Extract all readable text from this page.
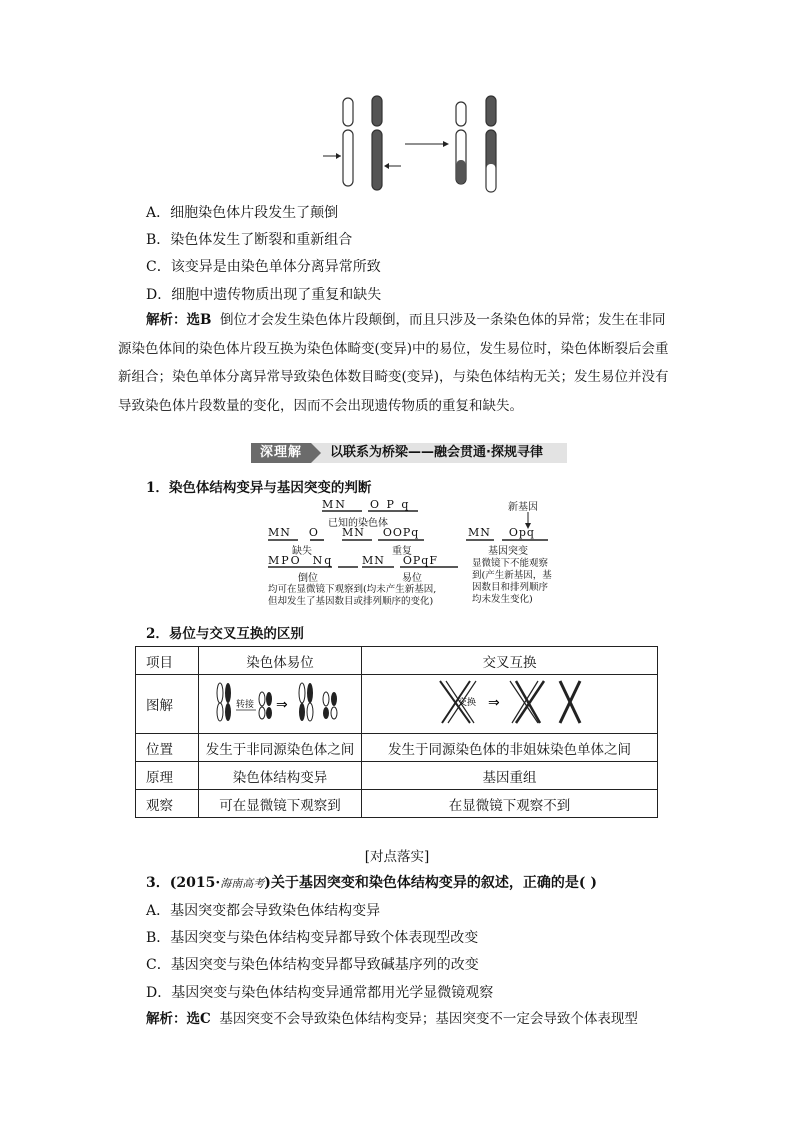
A．细胞染色体片段发生了颠倒
B．染色体发生了断裂和重新组合
C．该变异是由染色单体分离异常所致
D．细胞中遗传物质出现了重复和缺失
解析：选B 倒位才会发生染色体片段颠倒，而且只涉及一条染色体的异常；发生在非同源染色体间的染色体片段互换为染色体畸变(变异)中的易位，发生易位时，染色体断裂后会重新组合；染色单体分离异常导致染色体数目畸变(变异)，与染色体结构无关；发生易位并没有导致染色体片段数量的变化，因而不会出现遗传物质的重复和缺失。
深理解	以联系为桥梁——融会贯通·探规寻律
1．染色体结构变异与基因突变的判断
MN O P q
已知的染色体
MN    O
缺失
MN    OOPq
重复
MPO  Nq
倒位
MN    OPqF
易位
均可在显微镜下观察到(均未产生新基因,
但却发生了基因数目或排列顺序的变化)
新基因
MN    Opq
基因突变
显微镜下不能观察
到(产生新基因，基
因数目和排列顺序
均未发生变化)
2．易位与交叉互换的区别
项目	染色体易位	交叉互换
图解	转接 ⇒	交换 ⇒

位置	发生于非同源染色体之间	发生于同源染色体的非姐妹染色单体之间
原理	染色体结构变异	基因重组
观察	可在显微镜下观察到	在显微镜下观察不到
[对点落实]
3．(2015·海南高考)关于基因突变和染色体结构变异的叙述，正确的是( )
A．基因突变都会导致染色体结构变异
B．基因突变与染色体结构变异都导致个体表现型改变
C．基因突变与染色体结构变异都导致碱基序列的改变
D．基因突变与染色体结构变异通常都用光学显微镜观察
解析：选C 基因突变不会导致染色体结构变异；基因突变不一定会导致个体表现型
